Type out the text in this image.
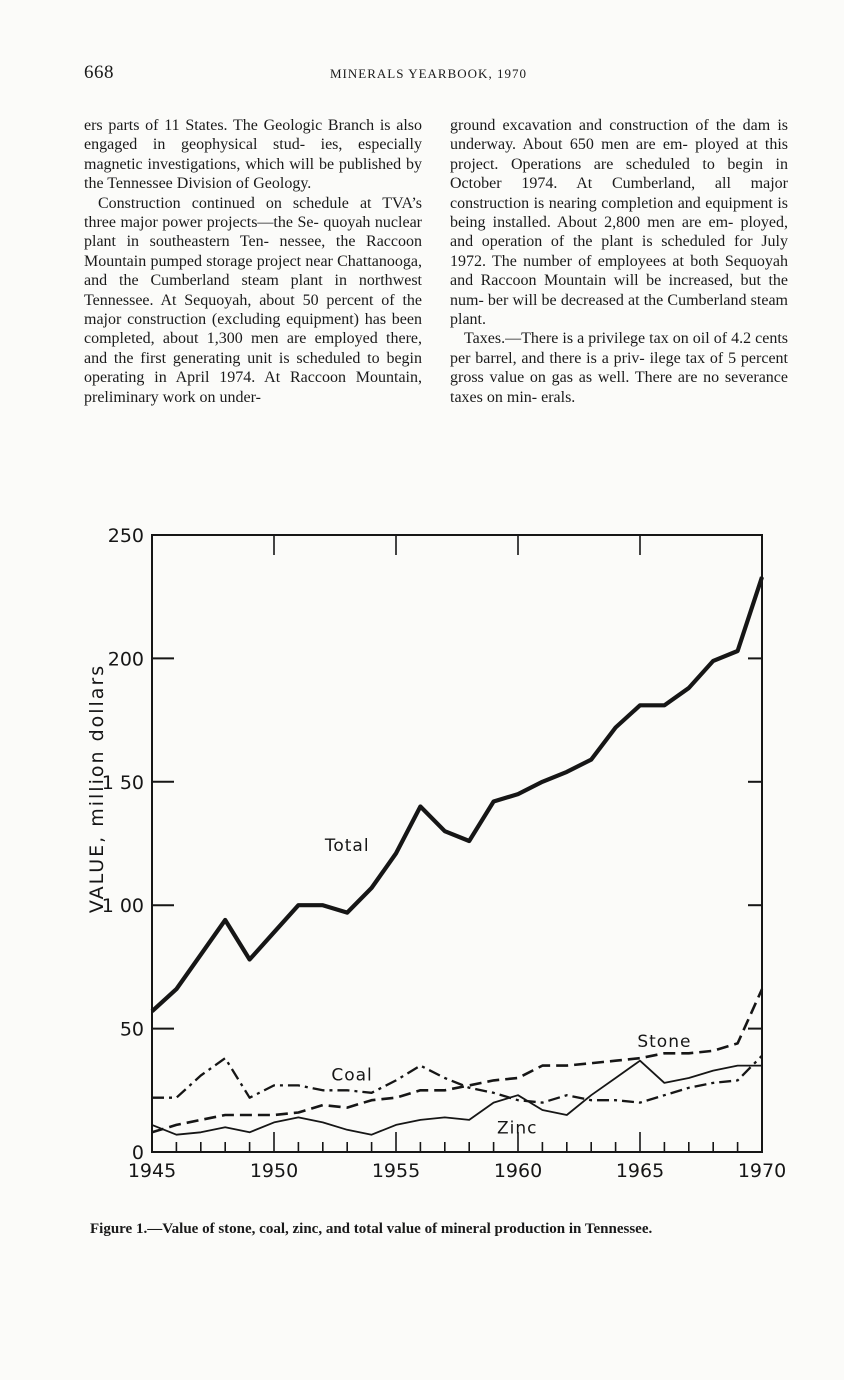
668	MINERALS YEARBOOK, 1970

ers parts of 11 States. The Geologic Branch is also engaged in geophysical stud- ies, especially magnetic investigations, which will be published by the Tennessee Division of Geology.

Construction continued on schedule at TVA’s three major power projects—the Se- quoyah nuclear plant in southeastern Ten- nessee, the Raccoon Mountain pumped storage project near Chattanooga, and the Cumberland steam plant in northwest Tennessee. At Sequoyah, about 50 percent of the major construction (excluding equipment) has been completed, about 1,300 men are employed there, and the first generating unit is scheduled to begin operating in April 1974. At Raccoon Mountain, preliminary work on under-

ground excavation and construction of the dam is underway. About 650 men are em- ployed at this project. Operations are scheduled to begin in October 1974. At Cumberland, all major construction is nearing completion and equipment is being installed. About 2,800 men are em- ployed, and operation of the plant is scheduled for July 1972. The number of employees at both Sequoyah and Raccoon Mountain will be increased, but the num- ber will be decreased at the Cumberland steam plant.

Taxes.—There is a privilege tax on oil of 4.2 cents per barrel, and there is a priv- ilege tax of 5 percent gross value on gas as well. There are no severance taxes on min- erals.

0
50
1 00
1 50
200
250
1945	1950	1955	1960	1965	1970
VALUE, million dollars	Total
Stone
Coal
Zinc
Figure 1.—Value of stone, coal, zinc, and total value of mineral production in Tennessee.
